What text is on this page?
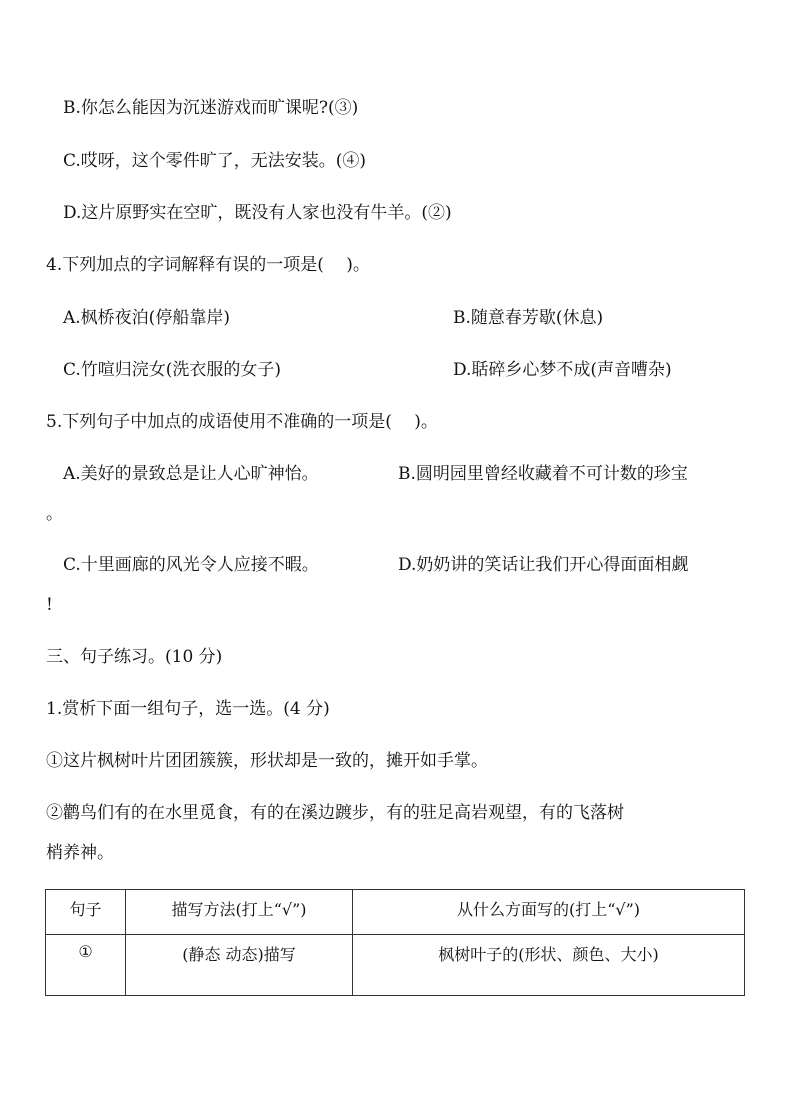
B.你怎么能因为沉迷游戏而旷课呢?(③)
C.哎呀，这个零件旷了，无法安装。(④)
D.这片原野实在空旷，既没有人家也没有牛羊。(②)
4.下列加点的字词解释有误的一项是(　 )。
A.枫桥夜泊(停船靠岸)	B.随意春芳歇(休息)
C.竹喧归浣女(洗衣服的女子)	D.聒碎乡心梦不成(声音嘈杂)
5.下列句子中加点的成语使用不准确的一项是(　 )。
A.美好的景致总是让人心旷神怡。	B.圆明园里曾经收藏着不可计数的珍宝
。
C.十里画廊的风光令人应接不暇。	D.奶奶讲的笑话让我们开心得面面相觑
!
三、句子练习。(10 分)
1.赏析下面一组句子，选一选。(4 分)
①这片枫树叶片团团簇簇，形状却是一致的，摊开如手掌。
②鹳鸟们有的在水里觅食，有的在溪边踱步，有的驻足高岩观望，有的飞落树
梢养神。
句子	描写方法(打上“√”)	从什么方面写的(打上“√”)
①	(静态 动态)描写	枫树叶子的(形状、颜色、大小)
